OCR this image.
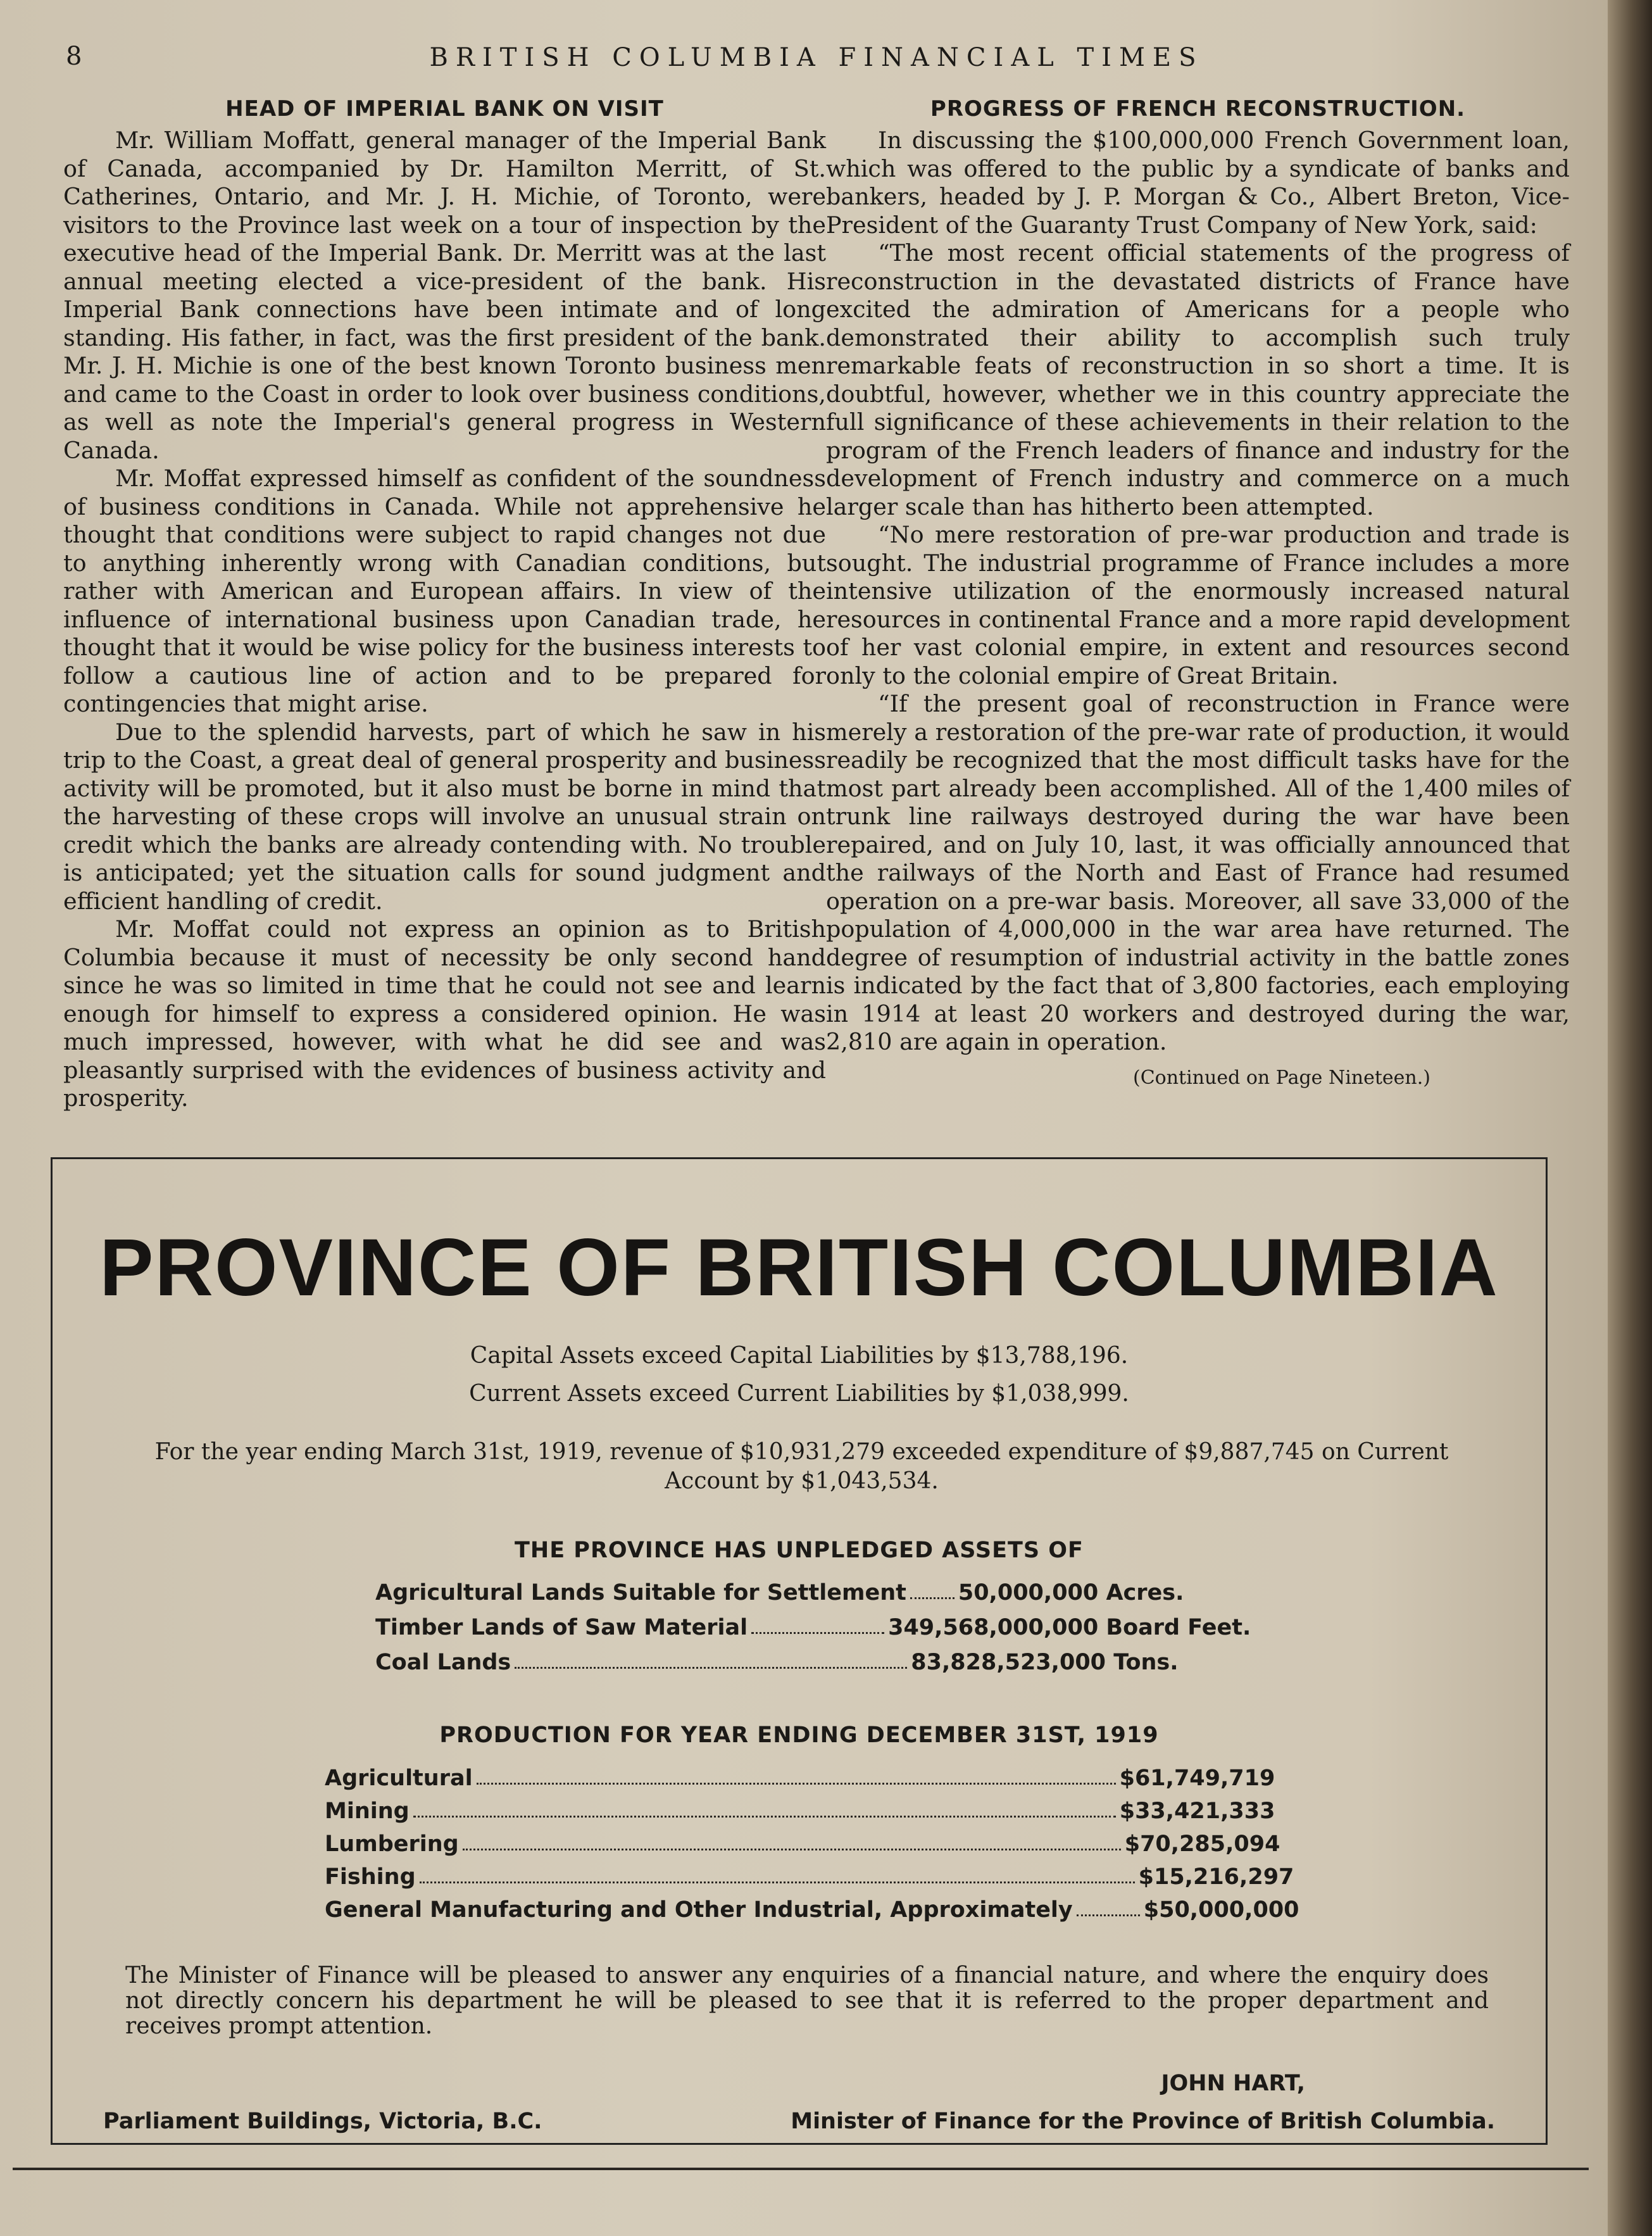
8	BRITISH COLUMBIA FINANCIAL TIMES
HEAD OF IMPERIAL BANK ON VISIT

Mr. William Moffatt, general manager of the Imperial Bank of Canada, accompanied by Dr. Hamilton Merritt, of St. Catherines, Ontario, and Mr. J. H. Michie, of Toronto, were visitors to the Province last week on a tour of inspection by the executive head of the Imperial Bank. Dr. Merritt was at the last annual meeting elected a vice-president of the bank. His Imperial Bank connections have been intimate and of long standing. His father, in fact, was the first president of the bank. Mr. J. H. Michie is one of the best known Toronto business men and came to the Coast in order to look over business conditions, as well as note the Imperial's general progress in Western Canada.

Mr. Moffat expressed himself as confident of the soundness of business conditions in Canada. While not apprehensive he thought that conditions were subject to rapid changes not due to anything inherently wrong with Canadian conditions, but rather with American and European affairs. In view of the influence of international business upon Canadian trade, he thought that it would be wise policy for the business interests to follow a cautious line of action and to be prepared for contingencies that might arise.

Due to the splendid harvests, part of which he saw in his trip to the Coast, a great deal of general prosperity and business activity will be promoted, but it also must be borne in mind that the harvesting of these crops will involve an unusual strain on credit which the banks are already contending with. No trouble is anticipated; yet the situation calls for sound judgment and efficient handling of credit.

Mr. Moffat could not express an opinion as to British Columbia because it must of necessity be only second hand since he was so limited in time that he could not see and learn enough for himself to express a considered opinion. He was much impressed, however, with what he did see and was pleasantly surprised with the evidences of business activity and prosperity.

PROGRESS OF FRENCH RECONSTRUCTION.

In discussing the $100,000,000 French Government loan, which was offered to the public by a syndicate of banks and bankers, headed by J. P. Morgan & Co., Albert Breton, Vice-President of the Guaranty Trust Company of New York, said:

“The most recent official statements of the progress of reconstruction in the devastated districts of France have excited the admiration of Americans for a people who demonstrated their ability to accomplish such truly remarkable feats of reconstruction in so short a time. It is doubtful, however, whether we in this country appreciate the full significance of these achievements in their relation to the program of the French leaders of finance and industry for the development of French industry and commerce on a much larger scale than has hitherto been attempted.

“No mere restoration of pre-war production and trade is sought. The industrial programme of France includes a more intensive utilization of the enormously increased natural resources in continental France and a more rapid development of her vast colonial empire, in extent and resources second only to the colonial empire of Great Britain.

“If the present goal of reconstruction in France were merely a restoration of the pre-war rate of production, it would readily be recognized that the most difficult tasks have for the most part already been accomplished. All of the 1,400 miles of trunk line railways destroyed during the war have been repaired, and on July 10, last, it was officially announced that the railways of the North and East of France had resumed operation on a pre-war basis. Moreover, all save 33,000 of the population of 4,000,000 in the war area have returned. The degree of resumption of industrial activity in the battle zones is indicated by the fact that of 3,800 factories, each employing in 1914 at least 20 workers and destroyed during the war, 2,810 are again in operation.

(Continued on Page Nineteen.)
PROVINCE OF BRITISH COLUMBIA
Capital Assets exceed Capital Liabilities by $13,788,196.
Current Assets exceed Current Liabilities by $1,038,999.
For the year ending March 31st, 1919, revenue of $10,931,279 exceeded expenditure of $9,887,745 on Current
Account by $1,043,534.
THE PROVINCE HAS UNPLEDGED ASSETS OF
Agricultural Lands Suitable for Settlement 50,000,000 Acres.
Timber Lands of Saw Material	349,568,000,000 Board Feet.
Coal Lands	83,828,523,000 Tons.
PRODUCTION FOR YEAR ENDING DECEMBER 31ST, 1919
Agricultural	$61,749,719
Mining	$33,421,333
Lumbering	$70,285,094
Fishing	$15,216,297
General Manufacturing and Other Industrial, Approximately	$50,000,000
The Minister of Finance will be pleased to answer any enquiries of a financial nature, and where the enquiry does not directly concern his department he will be pleased to see that it is referred to the proper department and receives prompt attention.
JOHN HART,
Parliament Buildings, Victoria, B.C.	Minister of Finance for the Province of British Columbia.
